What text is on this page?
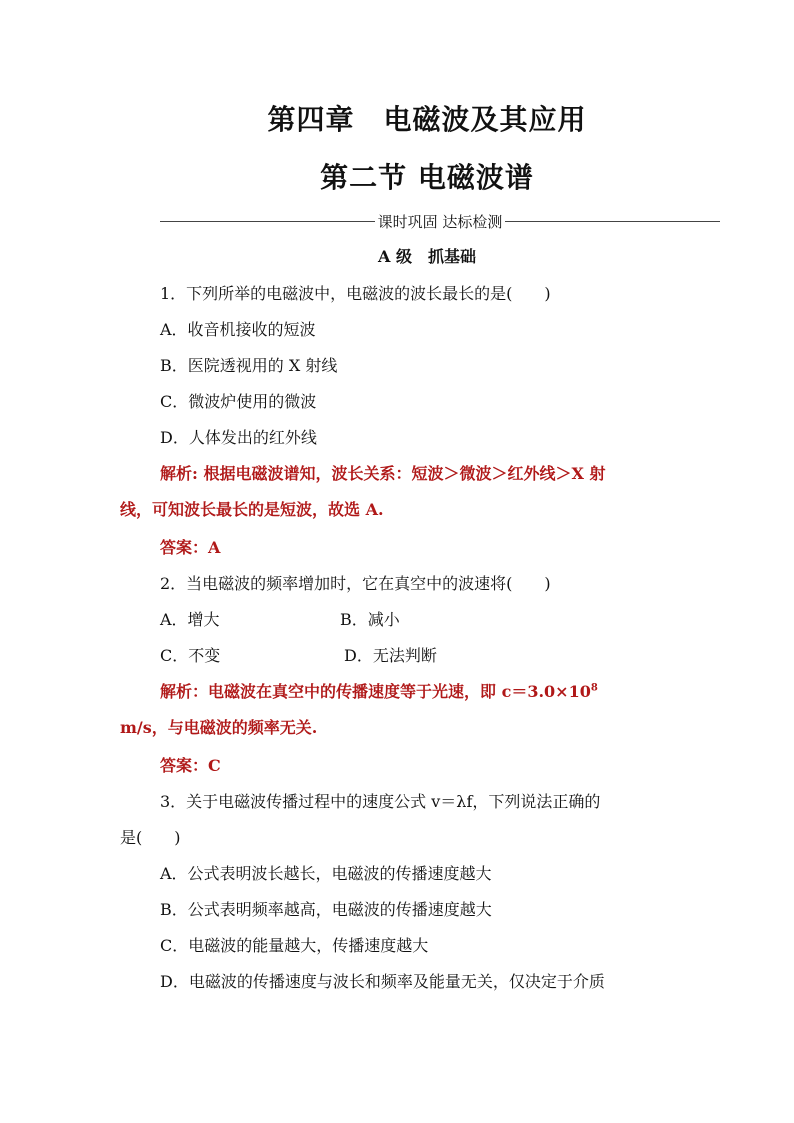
第四章　电磁波及其应用
第二节 电磁波谱
课时巩固 达标检测
A 级　抓基础
1．下列所举的电磁波中，电磁波的波长最长的是(　　)
A．收音机接收的短波
B．医院透视用的 X 射线
C．微波炉使用的微波
D．人体发出的红外线
解析: 根据电磁波谱知，波长关系：短波＞微波＞红外线＞X 射
线，可知波长最长的是短波，故选 A.
答案：A
2．当电磁波的频率增加时，它在真空中的波速将(　　)
A．增大	B．减小
C．不变	D．无法判断
解析：电磁波在真空中的传播速度等于光速，即 $c=3.0\times 10^8$
m/s，与电磁波的频率无关.
答案：C
3．关于电磁波传播过程中的速度公式 v＝λf，下列说法正确的
是(　　)
A．公式表明波长越长，电磁波的传播速度越大
B．公式表明频率越高，电磁波的传播速度越大
C．电磁波的能量越大，传播速度越大
D．电磁波的传播速度与波长和频率及能量无关，仅决定于介质
